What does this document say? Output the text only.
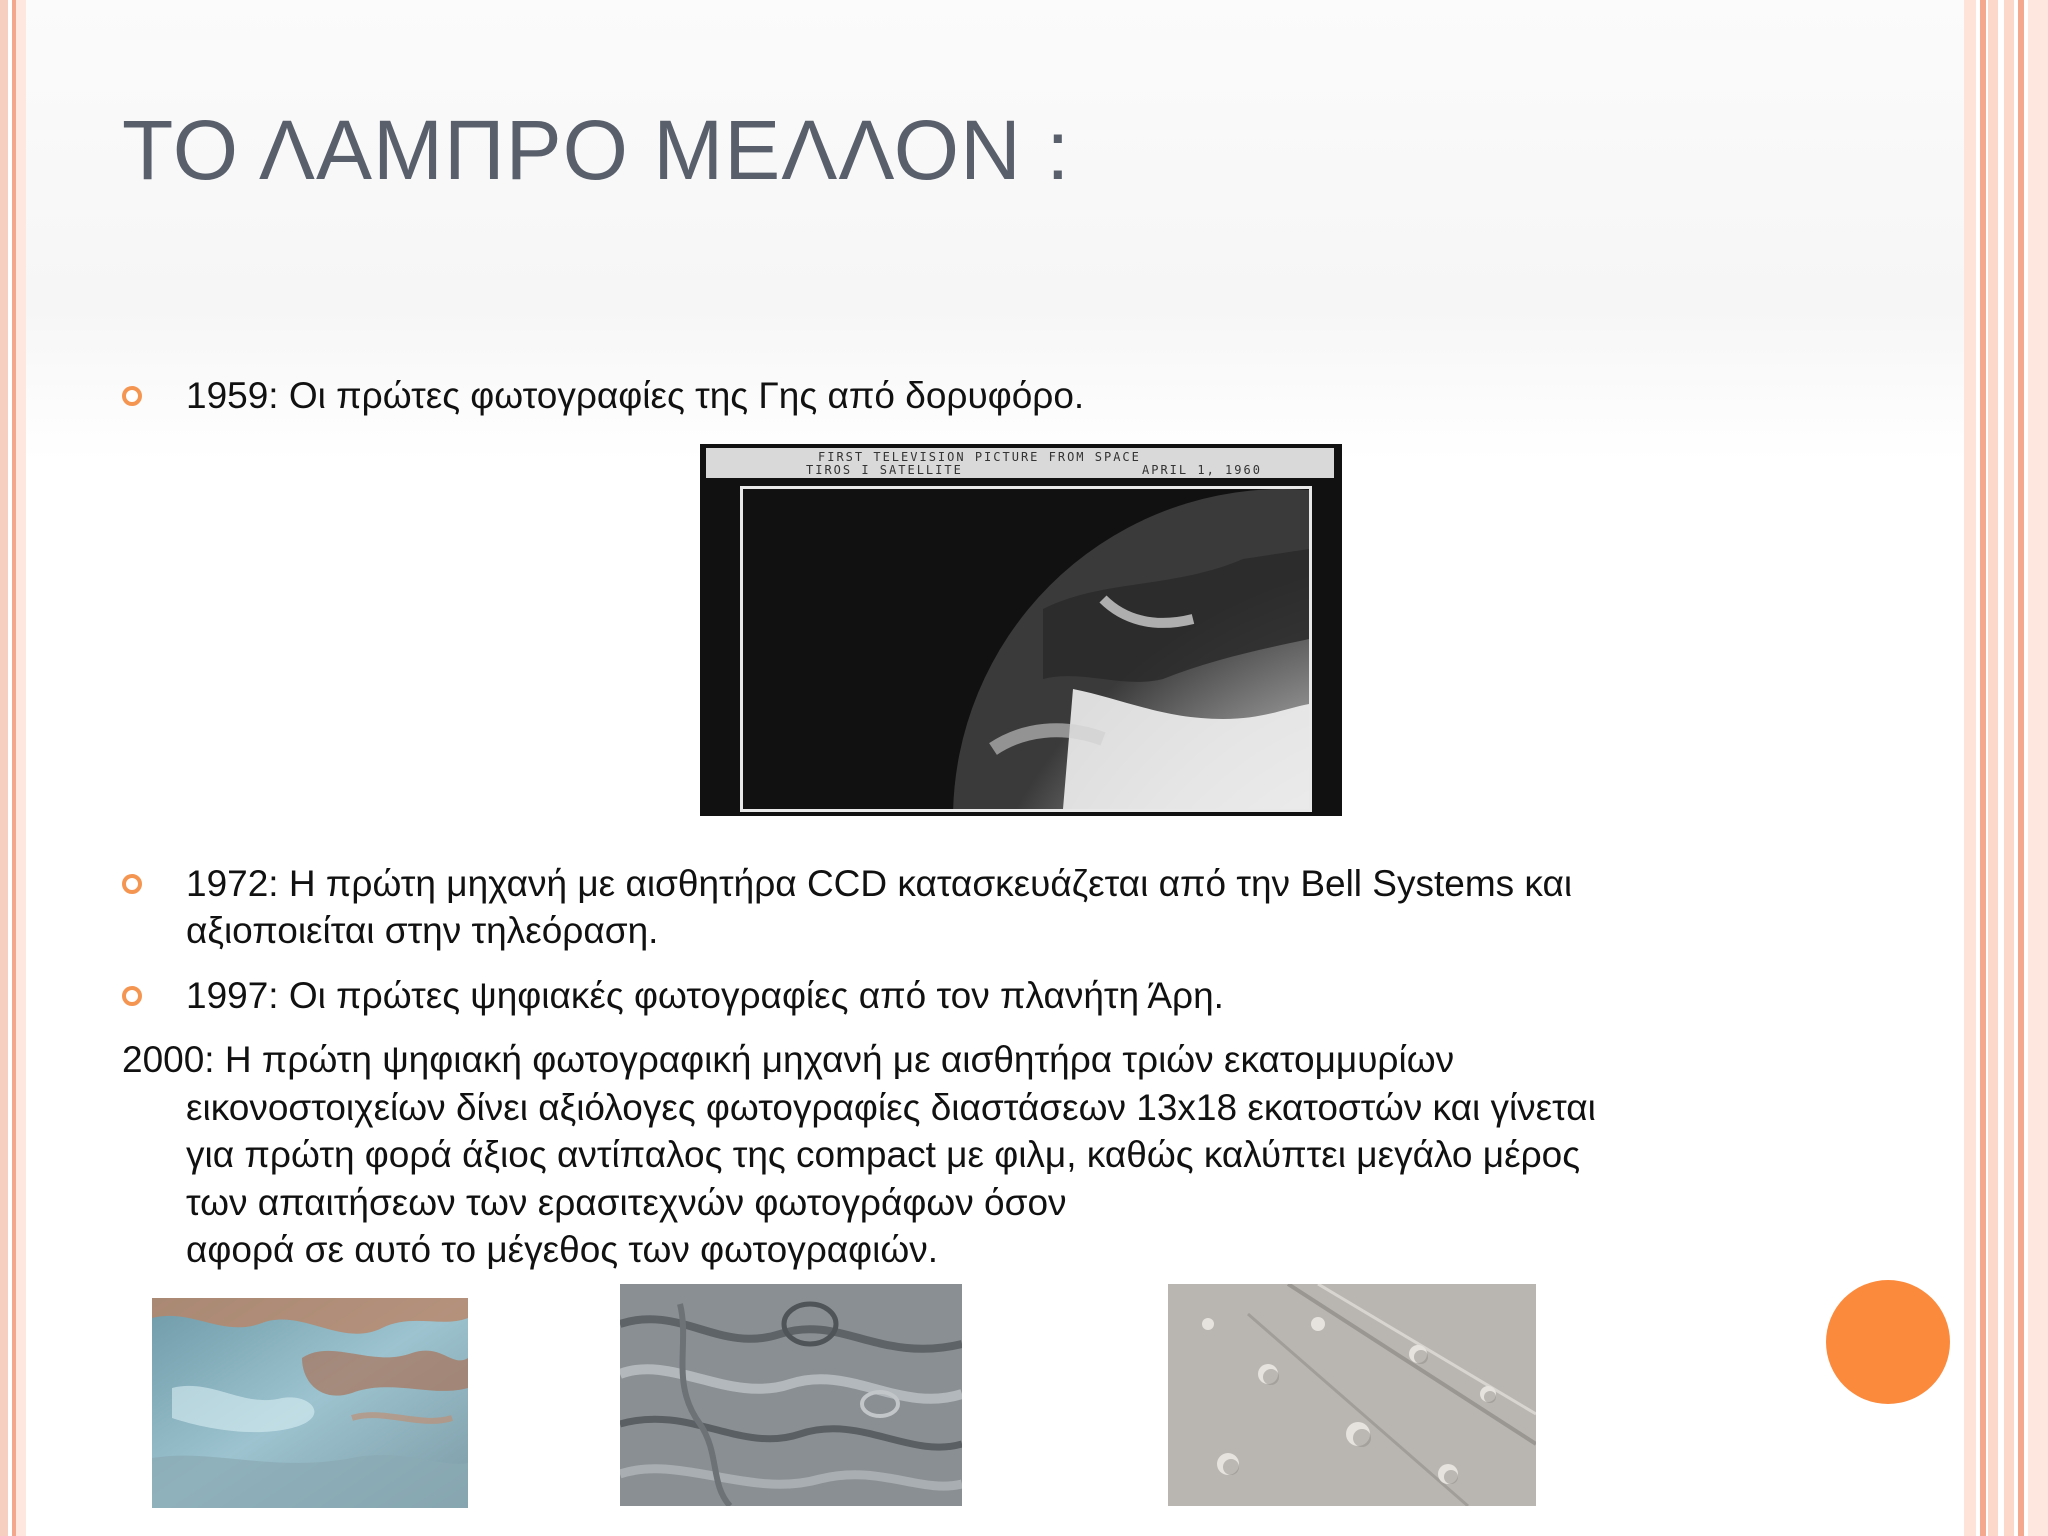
ΤΟ ΛΑΜΠΡΟ ΜΕΛΛΟΝ :
1959: Οι πρώτες φωτογραφίες της Γης από δορυφόρο.
FIRST TELEVISION PICTURE FROM SPACE
TIROS I SATELLITE	APRIL 1, 1960
1972: Η πρώτη μηχανή με αισθητήρα CCD κατασκευάζεται από την Bell Systems και
αξιοποιείται στην τηλεόραση.
1997: Οι πρώτες ψηφιακές φωτογραφίες από τον πλανήτη Άρη.
2000: Η πρώτη ψηφιακή φωτογραφική μηχανή με αισθητήρα τριών εκατομμυρίων
εικονοστοιχείων δίνει αξιόλογες φωτογραφίες διαστάσεων 13x18 εκατοστών και γίνεται
για πρώτη φορά άξιος αντίπαλος της compact με φιλμ, καθώς καλύπτει μεγάλο μέρος
των απαιτήσεων των ερασιτεχνών φωτογράφων όσον
αφορά σε αυτό το μέγεθος των φωτογραφιών.
